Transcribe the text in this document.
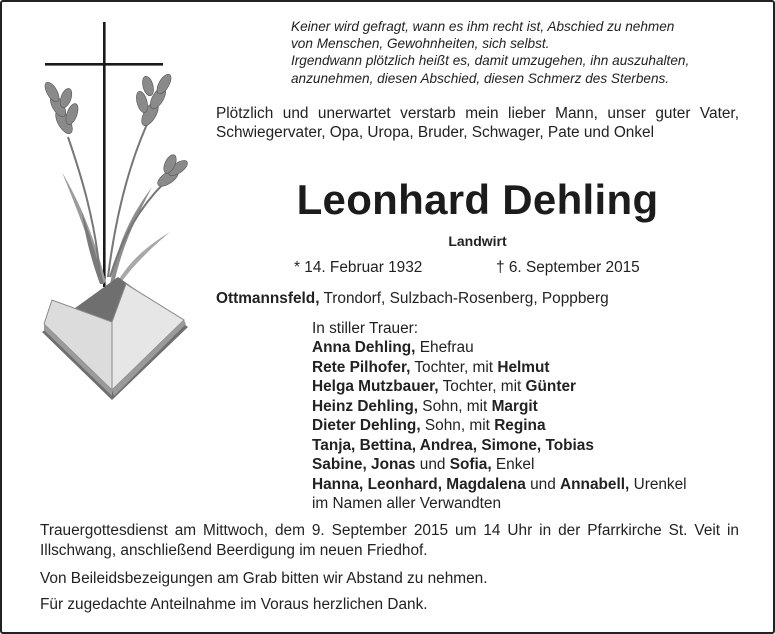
Keiner wird gefragt, wann es ihm recht ist, Abschied zu nehmen
von Menschen, Gewohnheiten, sich selbst.
Irgendwann plötzlich heißt es, damit umzugehen, ihn auszuhalten,
anzunehmen, diesen Abschied, diesen Schmerz des Sterbens.
Plötzlich und unerwartet verstarb mein lieber Mann, unser guter Vater, Schwiegervater, Opa, Uropa, Bruder, Schwager, Pate und Onkel
Leonhard Dehling
Landwirt
* 14. Februar 1932	† 6. September 2015
Ottmannsfeld, Trondorf, Sulzbach-Rosenberg, Poppberg
In stiller Trauer:
Anna Dehling, Ehefrau
Rete Pilhofer, Tochter, mit Helmut
Helga Mutzbauer, Tochter, mit Günter
Heinz Dehling, Sohn, mit Margit
Dieter Dehling, Sohn, mit Regina
Tanja, Bettina, Andrea, Simone, Tobias
Sabine, Jonas und Sofia, Enkel
Hanna, Leonhard, Magdalena und Annabell, Urenkel
im Namen aller Verwandten
Trauergottesdienst am Mittwoch, dem 9. September 2015 um 14 Uhr in der Pfarrkirche St. Veit in Illschwang, anschließend Beerdigung im neuen Friedhof.
Von Beileidsbezeigungen am Grab bitten wir Abstand zu nehmen.
Für zugedachte Anteilnahme im Voraus herzlichen Dank.
